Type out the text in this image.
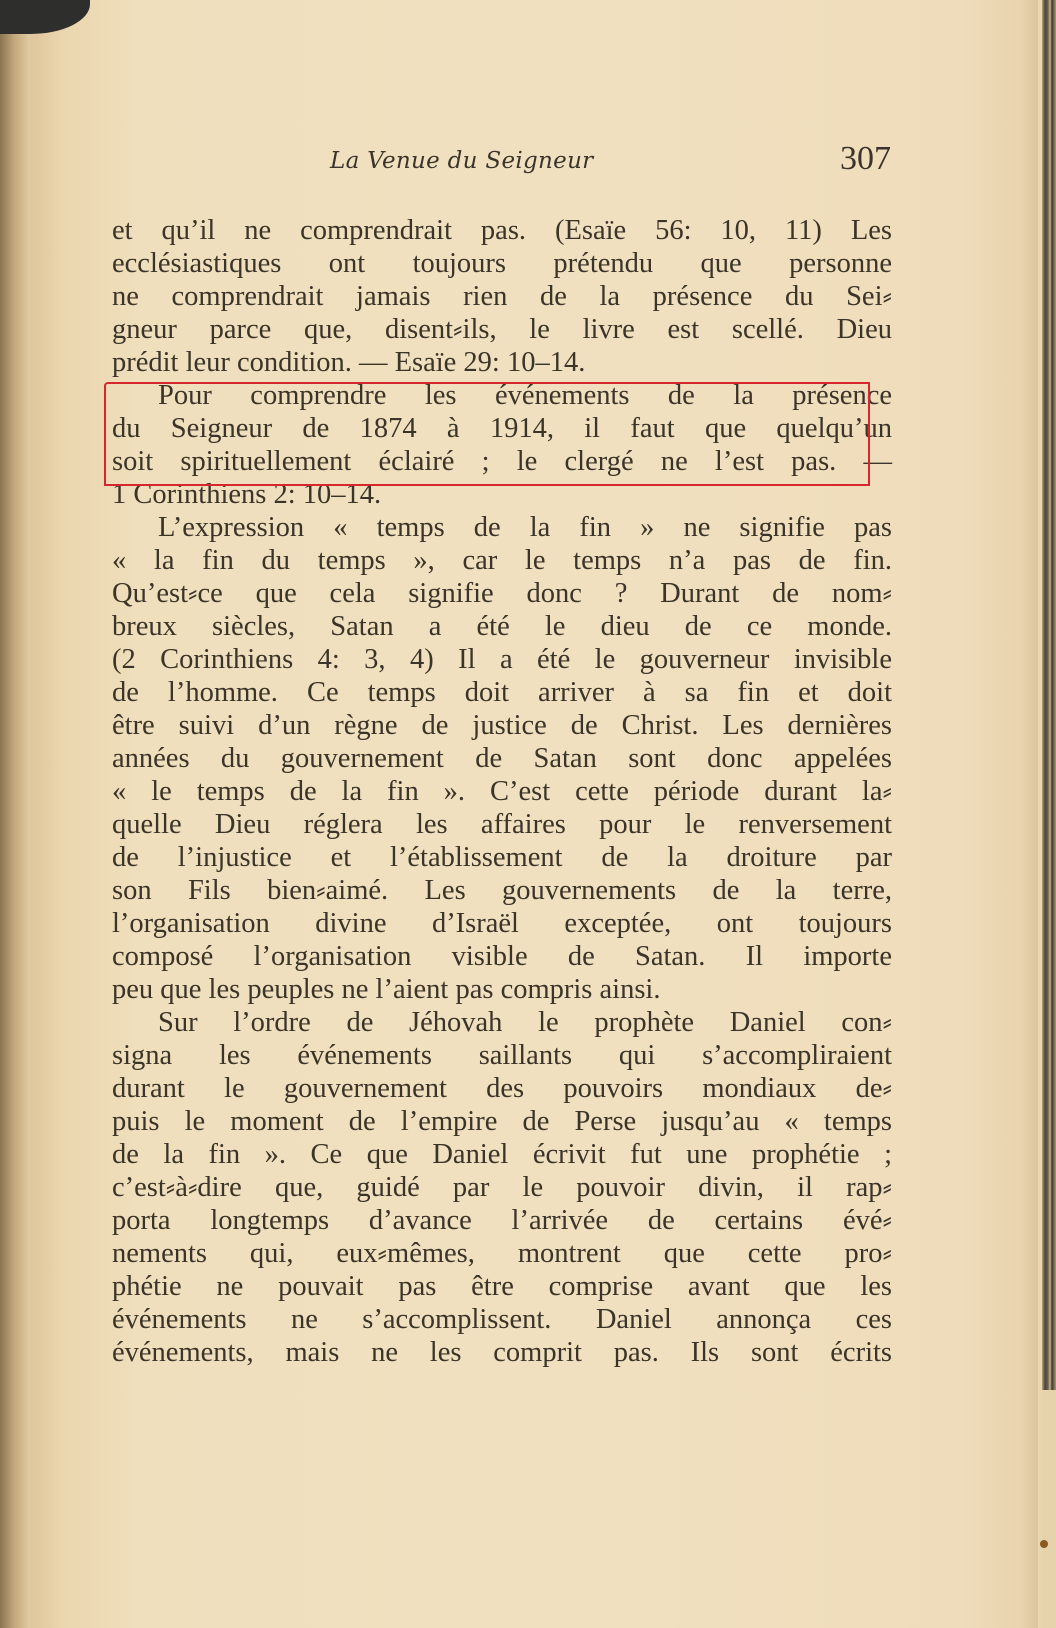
La Venue du Seigneur	307
et qu’il ne comprendrait pas. (Esaïe 56: 10, 11) Les
ecclésiastiques ont toujours prétendu que personne
ne comprendrait jamais rien de la présence du Sei⸗
gneur parce que, disent⸗ils, le livre est scellé. Dieu
prédit leur condition. — Esaïe 29: 10–14.
Pour comprendre les événements de la présence
du Seigneur de 1874 à 1914, il faut que quelqu’un
soit spirituellement éclairé ; le clergé ne l’est pas. —
1 Corinthiens 2: 10–14.
L’expression « temps de la fin » ne signifie pas
« la fin du temps », car le temps n’a pas de fin.
Qu’est⸗ce que cela signifie donc ? Durant de nom⸗
breux siècles, Satan a été le dieu de ce monde.
(2 Corinthiens 4: 3, 4) Il a été le gouverneur invisible
de l’homme. Ce temps doit arriver à sa fin et doit
être suivi d’un règne de justice de Christ. Les dernières
années du gouvernement de Satan sont donc appelées
« le temps de la fin ». C’est cette période durant la⸗
quelle Dieu réglera les affaires pour le renversement
de l’injustice et l’établissement de la droiture par
son Fils bien⸗aimé. Les gouvernements de la terre,
l’organisation divine d’Israël exceptée, ont toujours
composé l’organisation visible de Satan. Il importe
peu que les peuples ne l’aient pas compris ainsi.
Sur l’ordre de Jéhovah le prophète Daniel con⸗
signa les événements saillants qui s’accompliraient
durant le gouvernement des pouvoirs mondiaux de⸗
puis le moment de l’empire de Perse jusqu’au « temps
de la fin ». Ce que Daniel écrivit fut une prophétie ;
c’est⸗à⸗dire que, guidé par le pouvoir divin, il rap⸗
porta longtemps d’avance l’arrivée de certains évé⸗
nements qui, eux⸗mêmes, montrent que cette pro⸗
phétie ne pouvait pas être comprise avant que les
événements ne s’accomplissent. Daniel annonça ces
événements, mais ne les comprit pas. Ils sont écrits
